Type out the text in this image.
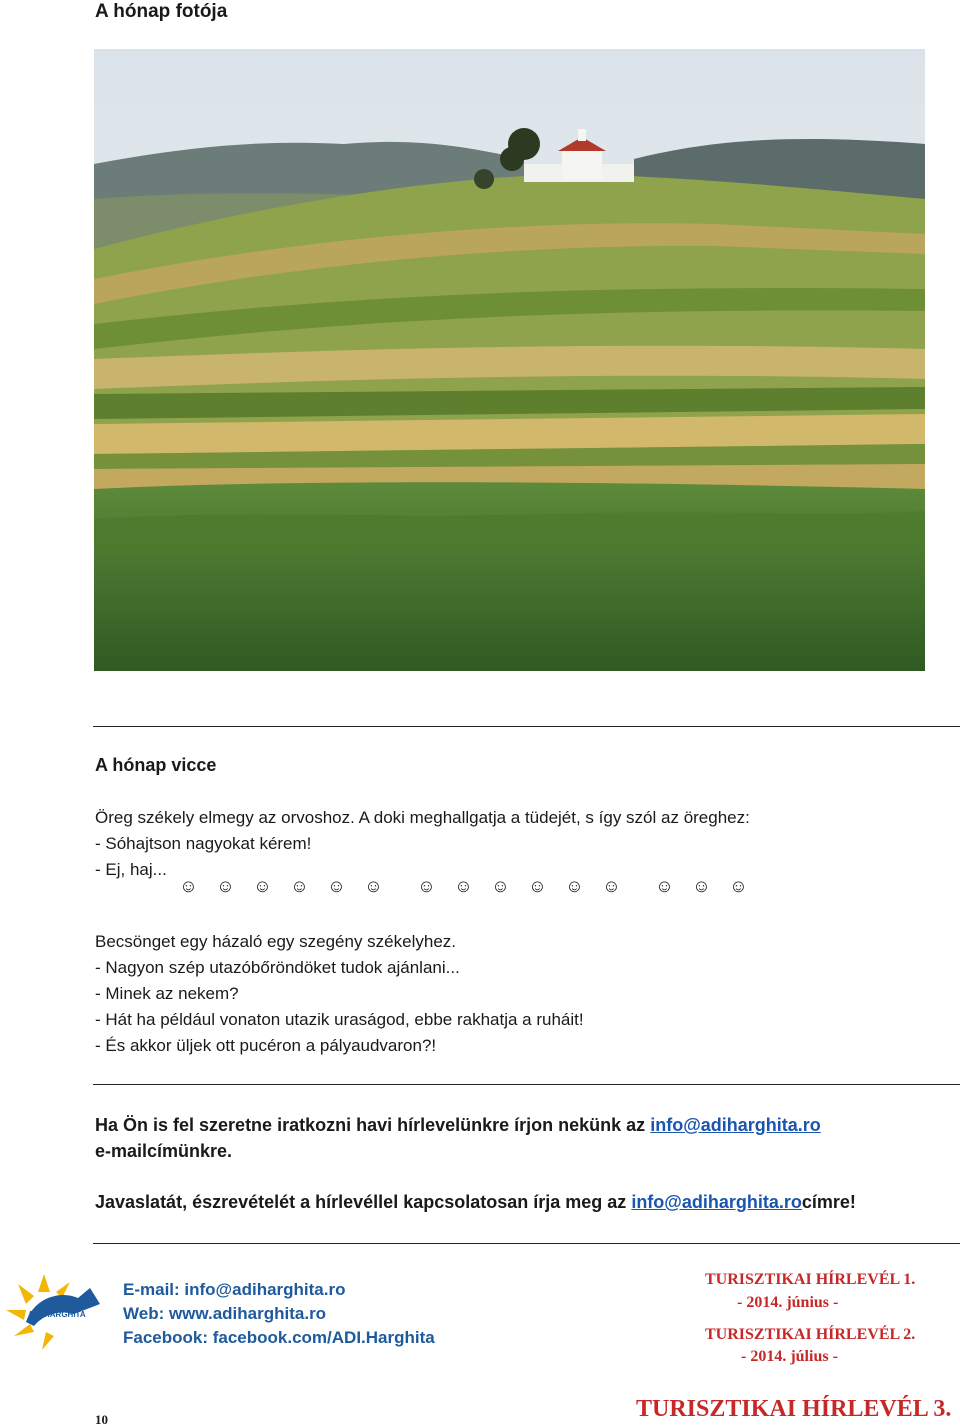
A hónap fotója
A hónap vicce
Öreg székely elmegy az orvoshoz. A doki meghallgatja a tüdejét, s így szól az öreghez:
- Sóhajtson nagyokat kérem!
- Ej, haj...
☺	☺	☺	☺	☺	☺	☺	☺	☺	☺	☺	☺	☺	☺	☺
Becsönget egy házaló egy szegény székelyhez.
- Nagyon szép utazóbőröndöket tudok ajánlani...
- Minek az nekem?
- Hát ha például vonaton utazik uraságod, ebbe rakhatja a ruháit!
- És akkor üljek ott pucéron a pályaudvaron?!
Ha Ön is fel szeretne iratkozni havi hírlevelünkre írjon nekünk az info@adiharghita.ro
e-mailcímünkre.
Javaslatát, észrevételét a hírlevéllel kapcsolatosan írja meg az info@adiharghita.rocímre!
ADI HARGHITA
E-mail: info@adiharghita.ro
Web: www.adiharghita.ro
Facebook: facebook.com/ADI.Harghita
TURISZTIKAI HÍRLEVÉL 1.
- 2014. június -
TURISZTIKAI HÍRLEVÉL 2.
- 2014. július -
10	TURISZTIKAI HÍRLEVÉL 3.
